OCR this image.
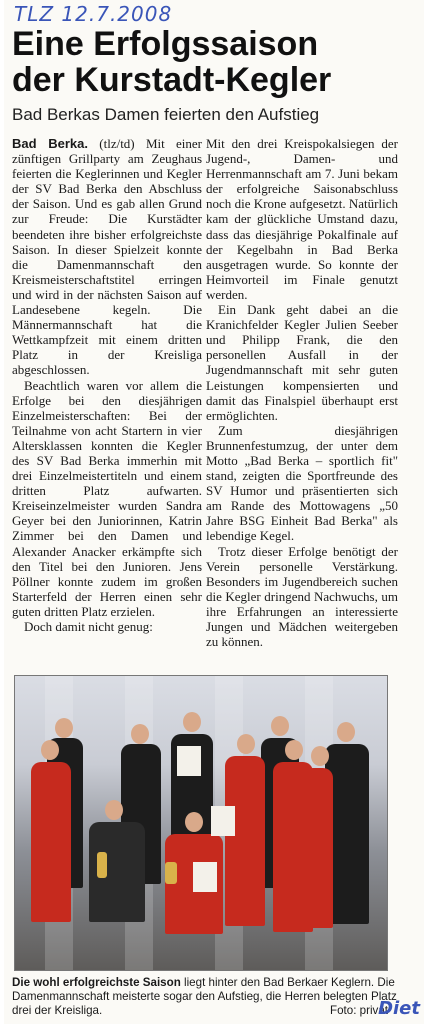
TLZ 12.7.2008
Eine Erfolgssaison
der Kurstadt-Kegler
Bad Berkas Damen feierten den Aufstieg

Bad Berka. (tlz/td) Mit einer zünftigen Grillparty am Zeughaus feierten die Keglerinnen und Kegler der SV Bad Berka den Abschluss der Saison. Und es gab allen Grund zur Freude: Die Kurstädter beendeten ihre bisher erfolgreichste Saison. In dieser Spielzeit konnte die Damenmannschaft den Kreismeisterschaftstitel erringen und wird in der nächsten Saison auf Landesebene kegeln. Die Männermannschaft hat die Wettkampfzeit mit einem dritten Platz in der Kreisliga abgeschlossen.

Beachtlich waren vor allem die Erfolge bei den diesjährigen Einzelmeisterschaften: Bei der Teilnahme von acht Startern in vier Altersklassen konnten die Kegler des SV Bad Berka immerhin mit drei Einzelmeistertiteln und einem dritten Platz aufwarten. Kreiseinzelmeister wurden Sandra Geyer bei den Juniorinnen, Katrin Zimmer bei den Damen und Alexander Anacker erkämpfte sich den Titel bei den Junioren. Jens Pöllner konnte zudem im großen Starterfeld der Herren einen sehr guten dritten Platz erzielen.

Doch damit nicht genug:

Mit den drei Kreispokalsiegen der Jugend-, Damen- und Herrenmannschaft am 7. Juni bekam der erfolgreiche Saisonabschluss noch die Krone aufgesetzt. Natürlich kam der glückliche Umstand dazu, dass das diesjährige Pokalfinale auf der Kegelbahn in Bad Berka ausgetragen wurde. So konnte der Heimvorteil im Finale genutzt werden.

Ein Dank geht dabei an die Kranichfelder Kegler Julien Seeber und Philipp Frank, die den personellen Ausfall in der Jugendmannschaft mit sehr guten Leistungen kompensierten und damit das Finalspiel überhaupt erst ermöglichten.

Zum diesjährigen Brunnenfestumzug, der unter dem Motto „Bad Berka – sportlich fit" stand, zeigten die Sportfreunde des SV Humor und präsentierten sich am Rande des Mottowagens „50 Jahre BSG Einheit Bad Berka" als lebendige Kegel.

Trotz dieser Erfolge benötigt der Verein personelle Verstärkung. Besonders im Jugendbereich suchen die Kegler dringend Nachwuchs, um ihre Erfahrungen an interessierte Jungen und Mädchen weitergeben zu können.

Die wohl erfolgreichste Saison liegt hinter den Bad Berkaer Keglern. Die Damenmannschaft meisterte sogar den Aufstieg, die Herren belegten Platz drei der Kreisliga.	Foto: privat
Diet
